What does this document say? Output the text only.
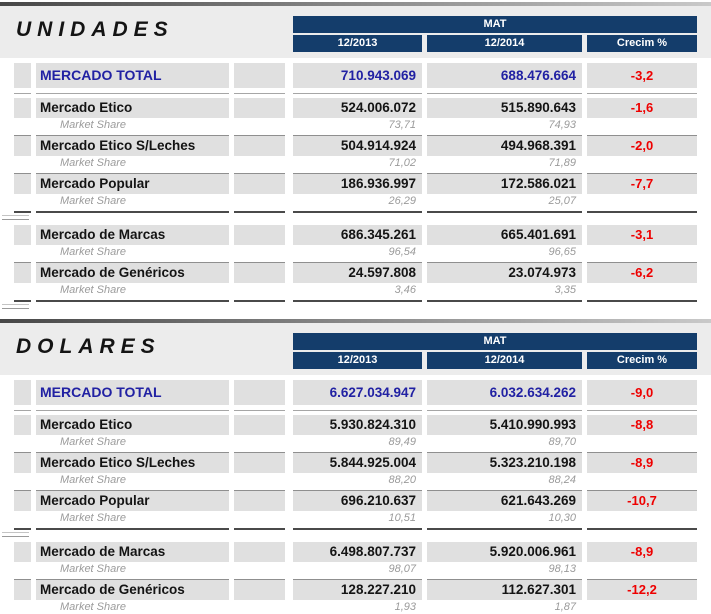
UNIDADES	MAT
12/2013	12/2014	Crecim %
MERCADO TOTAL	710.943.069	688.476.664	-3,2
Mercado Etico	524.006.072	515.890.643	-1,6
Market Share	73,71	74,93
Mercado Etico S/Leches	504.914.924	494.968.391	-2,0
Market Share	71,02	71,89
Mercado Popular	186.936.997	172.586.021	-7,7
Market Share	26,29	25,07
Mercado de Marcas	686.345.261	665.401.691	-3,1
Market Share	96,54	96,65
Mercado de Genéricos	24.597.808	23.074.973	-6,2
Market Share	3,46	3,35
DOLARES	MAT
12/2013	12/2014	Crecim %
MERCADO TOTAL	6.627.034.947	6.032.634.262	-9,0
Mercado Etico	5.930.824.310	5.410.990.993	-8,8
Market Share	89,49	89,70
Mercado Etico S/Leches	5.844.925.004	5.323.210.198	-8,9
Market Share	88,20	88,24
Mercado Popular	696.210.637	621.643.269	-10,7
Market Share	10,51	10,30
Mercado de Marcas	6.498.807.737	5.920.006.961	-8,9
Market Share	98,07	98,13
Mercado de Genéricos	128.227.210	112.627.301	-12,2
Market Share	1,93	1,87
